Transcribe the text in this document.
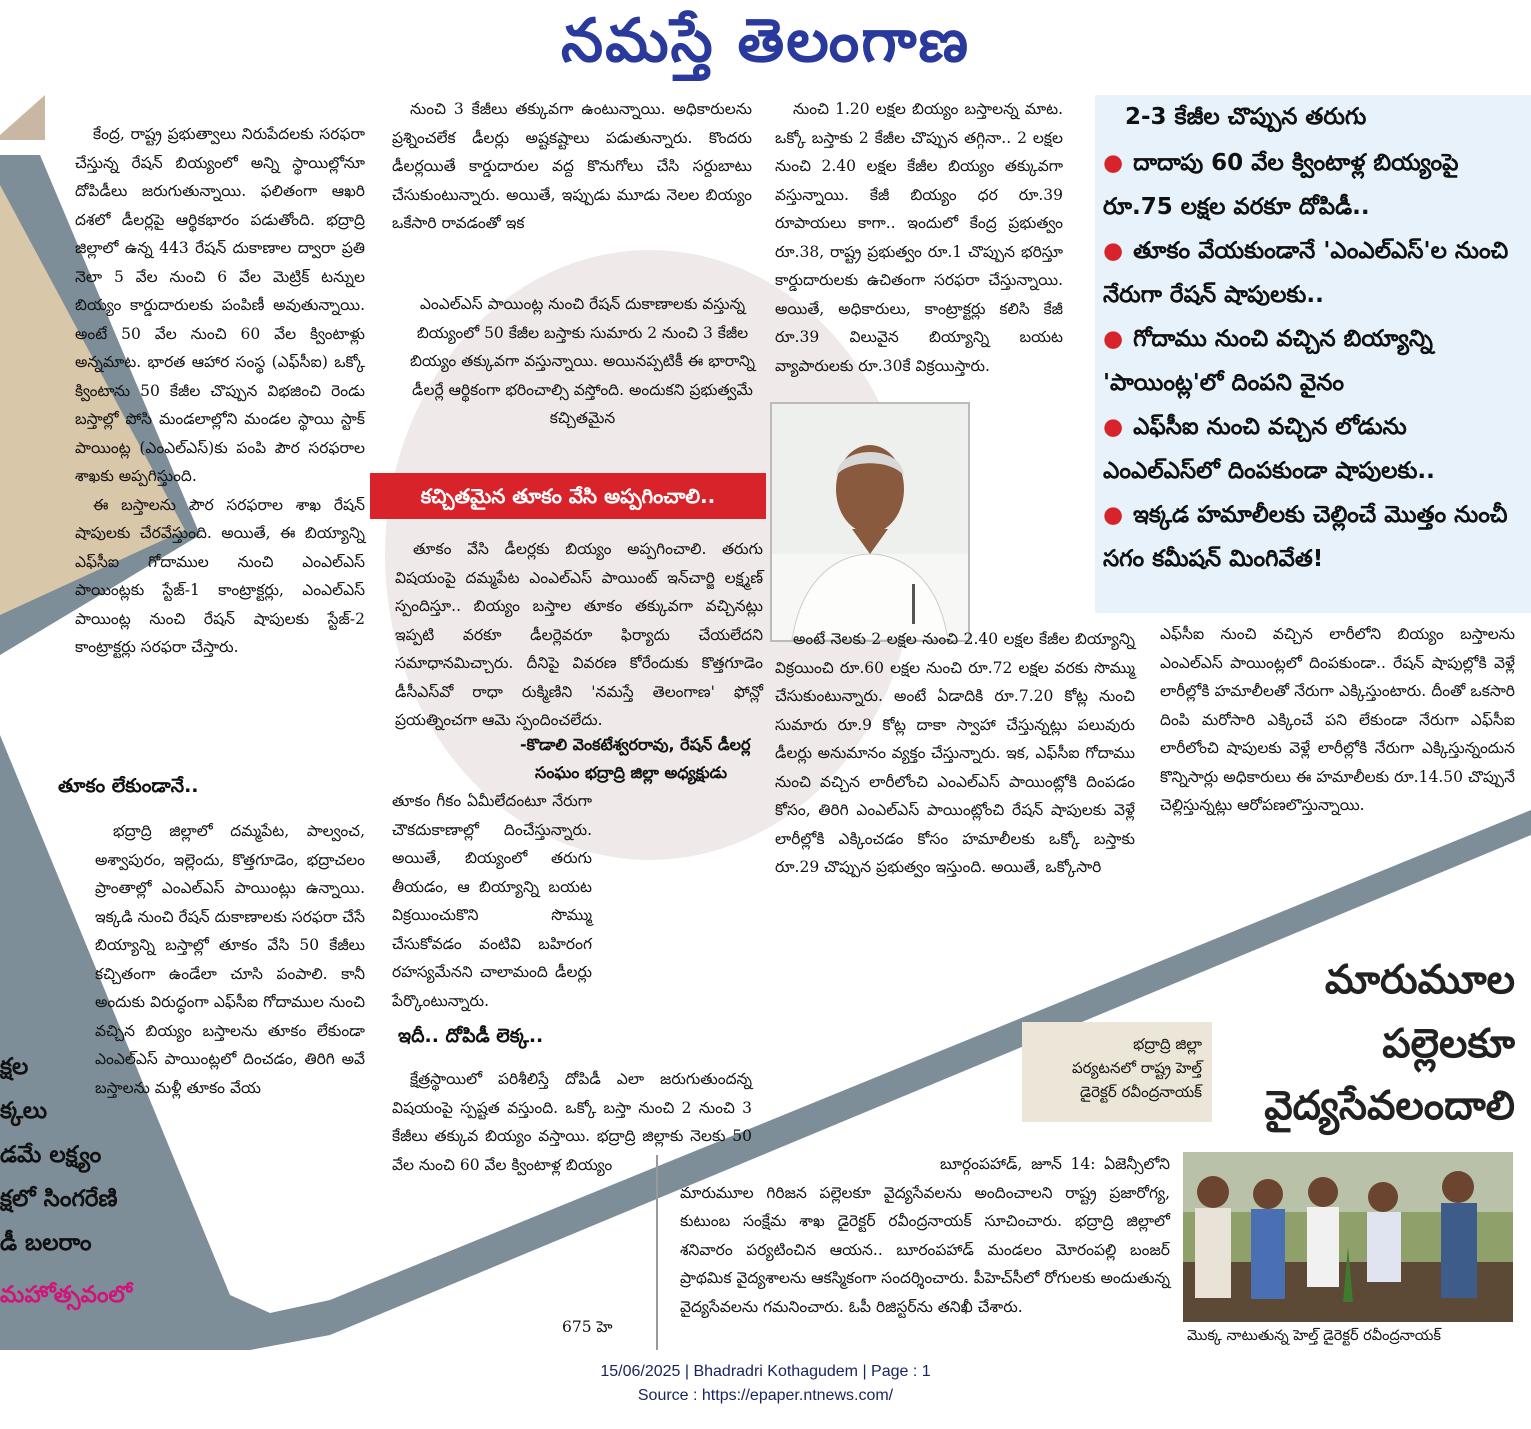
నమస్తే తెలంగాణ

కేంద్ర, రాష్ట్ర ప్రభుత్వాలు నిరుపేదలకు సరఫరా చేస్తున్న రేషన్ బియ్యంలో అన్ని స్థాయిల్లోనూ దోపిడీలు జరుగుతున్నాయి. ఫలితంగా ఆఖరి దశలో డీలర్లపై ఆర్థికభారం పడుతోంది. భద్రాద్రి జిల్లాలో ఉన్న 443 రేషన్ దుకాణాల ద్వారా ప్రతి నెలా 5 వేల నుంచి 6 వేల మెట్రిక్ టన్నుల బియ్యం కార్డుదారులకు పంపిణీ అవుతున్నాయి. అంటే 50 వేల నుంచి 60 వేల క్వింటాళ్లు అన్నమాట. భారత ఆహార సంస్థ (ఎఫ్‌సీఐ) ఒక్కో క్వింటాను 50 కేజీల చొప్పున విభజించి రెండు బస్తాల్లో పోసి మండలాల్లోని మండల స్థాయి స్టాక్ పాయింట్ల (ఎంఎల్‌ఎస్)కు పంపి పౌర సరఫరాల శాఖకు అప్పగిస్తుంది.

ఈ బస్తాలను పౌర సరఫరాల శాఖ రేషన్ షాపులకు చేరవేస్తుంది. అయితే, ఈ బియ్యాన్ని ఎఫ్‌సీఐ గోదాముల నుంచి ఎంఎల్‌ఎస్ పాయింట్లకు స్టేజ్-1 కాంట్రాక్టర్లు, ఎంఎల్‌ఎస్ పాయింట్ల నుంచి రేషన్ షాపులకు స్టేజ్-2 కాంట్రాక్టర్లు సరఫరా చేస్తారు.

తూకం లేకుండానే..

భద్రాద్రి జిల్లాలో దమ్మపేట, పాల్వంచ, అశ్వాపురం, ఇల్లెందు, కొత్తగూడెం, భద్రాచలం ప్రాంతాల్లో ఎంఎల్‌ఎస్ పాయింట్లు ఉన్నాయి. ఇక్కడి నుంచి రేషన్ దుకాణాలకు సరఫరా చేసే బియ్యాన్ని బస్తాల్లో తూకం వేసి 50 కేజీలు కచ్చితంగా ఉండేలా చూసి పంపాలి. కానీ అందుకు విరుద్ధంగా ఎఫ్‌సీఐ గోదాముల నుంచి వచ్చిన బియ్యం బస్తాలను తూకం లేకుండా ఎంఎల్‌ఎస్ పాయింట్లలో దించడం, తిరిగి అవే బస్తాలను మళ్లీ తూకం వేయ

క్షల
క్కలు
డమే లక్ష్యం
క్షలో సింగరేణి
డీ బలరాం
మహోత్సవంలో

నుంచి 3 కేజీలు తక్కువగా ఉంటున్నాయి. అధికారులను ప్రశ్నించలేక డీలర్లు అష్టకష్టాలు పడుతున్నారు. కొందరు డీలర్లయితే కార్డుదారుల వద్ద కొనుగోలు చేసి సర్దుబాటు చేసుకుంటున్నారు. అయితే, ఇప్పుడు మూడు నెలల బియ్యం ఒకేసారి రావడంతో ఇక

ఎంఎల్‌ఎస్ పాయింట్ల నుంచి రేషన్ దుకాణాలకు వస్తున్న బియ్యంలో 50 కేజీల బస్తాకు సుమారు 2 నుంచి 3 కేజీల బియ్యం తక్కువగా వస్తున్నాయి. అయినప్పటికీ ఈ భారాన్ని డీలర్లే ఆర్థికంగా భరించాల్సి వస్తోంది. అందుకని ప్రభుత్వమే కచ్చితమైన

కచ్చితమైన తూకం వేసి అప్పగించాలి..

తూకం వేసి డీలర్లకు బియ్యం అప్పగించాలి. తరుగు విషయంపై దమ్మపేట ఎంఎల్‌ఎస్ పాయింట్ ఇన్‌చార్జి లక్ష్మణ్ స్పందిస్తూ.. బియ్యం బస్తాల తూకం తక్కువగా వచ్చినట్లు ఇప్పటి వరకూ డీలర్లెవరూ ఫిర్యాదు చేయలేదని సమాధానమిచ్చారు. దీనిపై వివరణ కోరేందుకు కొత్తగూడెం డీసీఎస్‌వో రాధా రుక్మిణిని 'నమస్తే తెలంగాణ' ఫోన్లో ప్రయత్నించగా ఆమె స్పందించలేదు.

-కొడాలి వెంకటేశ్వరరావు, రేషన్ డీలర్ల
సంఘం భద్రాద్రి జిల్లా అధ్యక్షుడు

తూకం గీకం ఏమీలేదంటూ నేరుగా చౌకదుకాణాల్లో దించేస్తున్నారు. అయితే, బియ్యంలో తరుగు తీయడం, ఆ బియ్యాన్ని బయట విక్రయించుకొని సొమ్ము చేసుకోవడం వంటివి బహిరంగ రహస్యమేనని చాలామంది డీలర్లు పేర్కొంటున్నారు.

ఇదీ.. దోపిడీ లెక్క..

క్షేత్రస్థాయిలో పరిశీలిస్తే దోపిడీ ఎలా జరుగుతుందన్న విషయంపై స్పష్టత వస్తుంది. ఒక్కో బస్తా నుంచి 2 నుంచి 3 కేజీలు తక్కువ బియ్యం వస్తాయి. భద్రాద్రి జిల్లాకు నెలకు 50 వేల నుంచి 60 వేల క్వింటాళ్ల బియ్యం

675 హె

నుంచి 1.20 లక్షల బియ్యం బస్తాలన్న మాట. ఒక్కో బస్తాకు 2 కేజీల చొప్పున తగ్గినా.. 2 లక్షల నుంచి 2.40 లక్షల కేజీల బియ్యం తక్కువగా వస్తున్నాయి. కేజీ బియ్యం ధర రూ.39 రూపాయలు కాగా.. ఇందులో కేంద్ర ప్రభుత్వం రూ.38, రాష్ట్ర ప్రభుత్వం రూ.1 చొప్పున భరిస్తూ కార్డుదారులకు ఉచితంగా సరఫరా చేస్తున్నాయి. అయితే, అధికారులు, కాంట్రాక్టర్లు కలిసి కేజీ రూ.39 విలువైన బియ్యాన్ని బయట వ్యాపారులకు రూ.30కే విక్రయిస్తారు.

అంటే నెలకు 2 లక్షల నుంచి 2.40 లక్షల కేజీల బియ్యాన్ని విక్రయించి రూ.60 లక్షల నుంచి రూ.72 లక్షల వరకు సొమ్ము చేసుకుంటున్నారు. అంటే ఏడాదికి రూ.7.20 కోట్ల నుంచి సుమారు రూ.9 కోట్ల దాకా స్వాహా చేస్తున్నట్లు పలువురు డీలర్లు అనుమానం వ్యక్తం చేస్తున్నారు. ఇక, ఎఫ్‌సీఐ గోదాము నుంచి వచ్చిన లారీలోంచి ఎంఎల్‌ఎస్ పాయింట్లోకి దింపడం కోసం, తిరిగి ఎంఎల్‌ఎస్ పాయింట్లోంచి రేషన్ షాపులకు వెళ్లే లారీల్లోకి ఎక్కించడం కోసం హమాలీలకు ఒక్కో బస్తాకు రూ.29 చొప్పున ప్రభుత్వం ఇస్తుంది. అయితే, ఒక్కోసారి

2-3 కేజీల చొప్పున తరుగు
● దాదాపు 60 వేల క్వింటాళ్ల బియ్యంపై రూ.75 లక్షల వరకూ దోపిడీ..
● తూకం వేయకుండానే 'ఎంఎల్‌ఎస్'ల నుంచి నేరుగా రేషన్ షాపులకు..
● గోదాము నుంచి వచ్చిన బియ్యాన్ని 'పాయింట్ల'లో దింపని వైనం
● ఎఫ్‌సీఐ నుంచి వచ్చిన లోడును ఎంఎల్‌ఎస్‌లో దింపకుండా షాపులకు..
● ఇక్కడ హమాలీలకు చెల్లించే మొత్తం నుంచీ సగం కమీషన్ మింగివేత!

ఎఫ్‌సీఐ నుంచి వచ్చిన లారీలోని బియ్యం బస్తాలను ఎంఎల్‌ఎస్ పాయింట్లలో దింపకుండా.. రేషన్ షాపుల్లోకి వెళ్లే లారీల్లోకి హమాలీలతో నేరుగా ఎక్కిస్తుంటారు. దీంతో ఒకసారి దింపి మరోసారి ఎక్కించే పని లేకుండా నేరుగా ఎఫ్‌సీఐ లారీలోంచి షాపులకు వెళ్లే లారీల్లోకి నేరుగా ఎక్కిస్తున్నందున కొన్నిసార్లు అధికారులు ఈ హమాలీలకు రూ.14.50 చొప్పునే చెల్లిస్తున్నట్లు ఆరోపణలొస్తున్నాయి.

మారుమూల
పల్లెలకూ
వైద్యసేవలందాలి
భద్రాద్రి జిల్లా
పర్యటనలో రాష్ట్ర హెల్త్
డైరెక్టర్ రవీంద్రనాయక్

బూర్గంపహాడ్, జూన్ 14: ఏజెన్సీలోని మారుమూల గిరిజన పల్లెలకూ వైద్యసేవలను అందించాలని రాష్ట్ర ప్రజారోగ్య, కుటుంబ సంక్షేమ శాఖ డైరెక్టర్ రవీంద్రనాయక్ సూచించారు. భద్రాద్రి జిల్లాలో శనివారం పర్యటించిన ఆయన.. బూరంపహాడ్ మండలం మోరంపల్లి బంజర్ ప్రాథమిక వైద్యశాలను ఆకస్మికంగా సందర్శించారు. పీహెచ్‌సీలో రోగులకు అందుతున్న వైద్యసేవలను గమనించారు. ఓపీ రిజిస్టర్‌ను తనిఖీ చేశారు.

మొక్క నాటుతున్న హెల్త్ డైరెక్టర్ రవీంద్రనాయక్
15/06/2025 | Bhadradri Kothagudem | Page : 1
Source : https://epaper.ntnews.com/
